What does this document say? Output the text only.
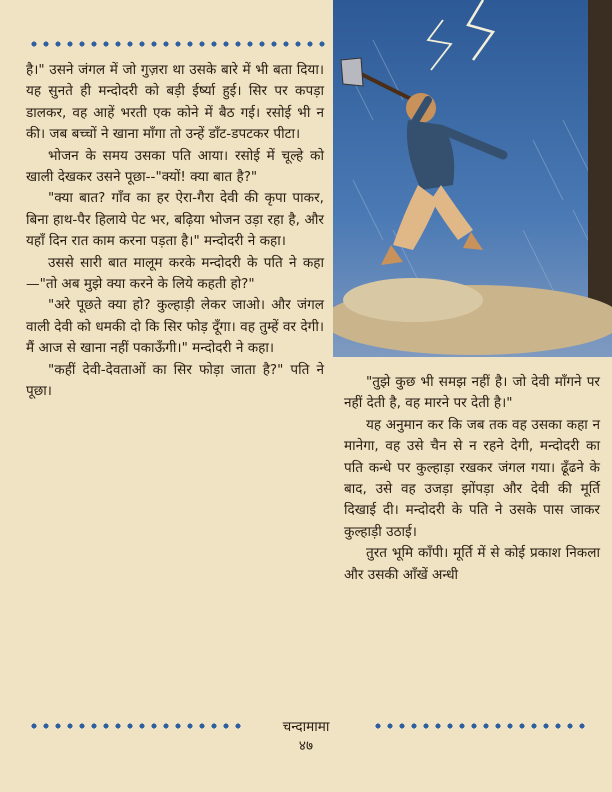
है।" उसने जंगल में जो गुज़रा था उसके बारे में भी बता दिया। यह सुनते ही मन्दोदरी को बड़ी ईर्ष्या हुई। सिर पर कपड़ा डालकर, वह आहें भरती एक कोने में बैठ गई। रसोई भी न की। जब बच्चों ने खाना माँगा तो उन्हें डाँट-डपटकर पीटा।

भोजन के समय उसका पति आया। रसोई में चूल्हे को खाली देखकर उसने पूछा--"क्यों! क्या बात है?"

"क्या बात? गाँव का हर ऐरा-गैरा देवी की कृपा पाकर, बिना हाथ-पैर हिलाये पेट भर, बढ़िया भोजन उड़ा रहा है, और यहाँ दिन रात काम करना पड़ता है।" मन्दोदरी ने कहा।

उससे सारी बात मालूम करके मन्दोदरी के पति ने कहा—"तो अब मुझे क्या करने के लिये कहती हो?"

"अरे पूछते क्या हो? कुल्हाड़ी लेकर जाओ। और जंगल वाली देवी को धमकी दो कि सिर फोड़ दूँगा। वह तुम्हें वर देगी। मैं आज से खाना नहीं पकाऊँगी।" मन्दोदरी ने कहा।

"कहीं देवी-देवताओं का सिर फोड़ा जाता है?" पति ने पूछा।

"तुझे कुछ भी समझ नहीं है। जो देवी माँगने पर नहीं देती है, वह मारने पर देती है।"

यह अनुमान कर कि जब तक वह उसका कहा न मानेगा, वह उसे चैन से न रहने देगी, मन्दोदरी का पति कन्धे पर कुल्हाड़ा रखकर जंगल गया। ढूँढने के बाद, उसे वह उजड़ा झोंपड़ा और देवी की मूर्ति दिखाई दी। मन्दोदरी के पति ने उसके पास जाकर कुल्हाड़ी उठाई।

तुरत भूमि काँपी। मूर्ति में से कोई प्रकाश निकला और उसकी आँखें अन्धी

चन्दामामा
४७
